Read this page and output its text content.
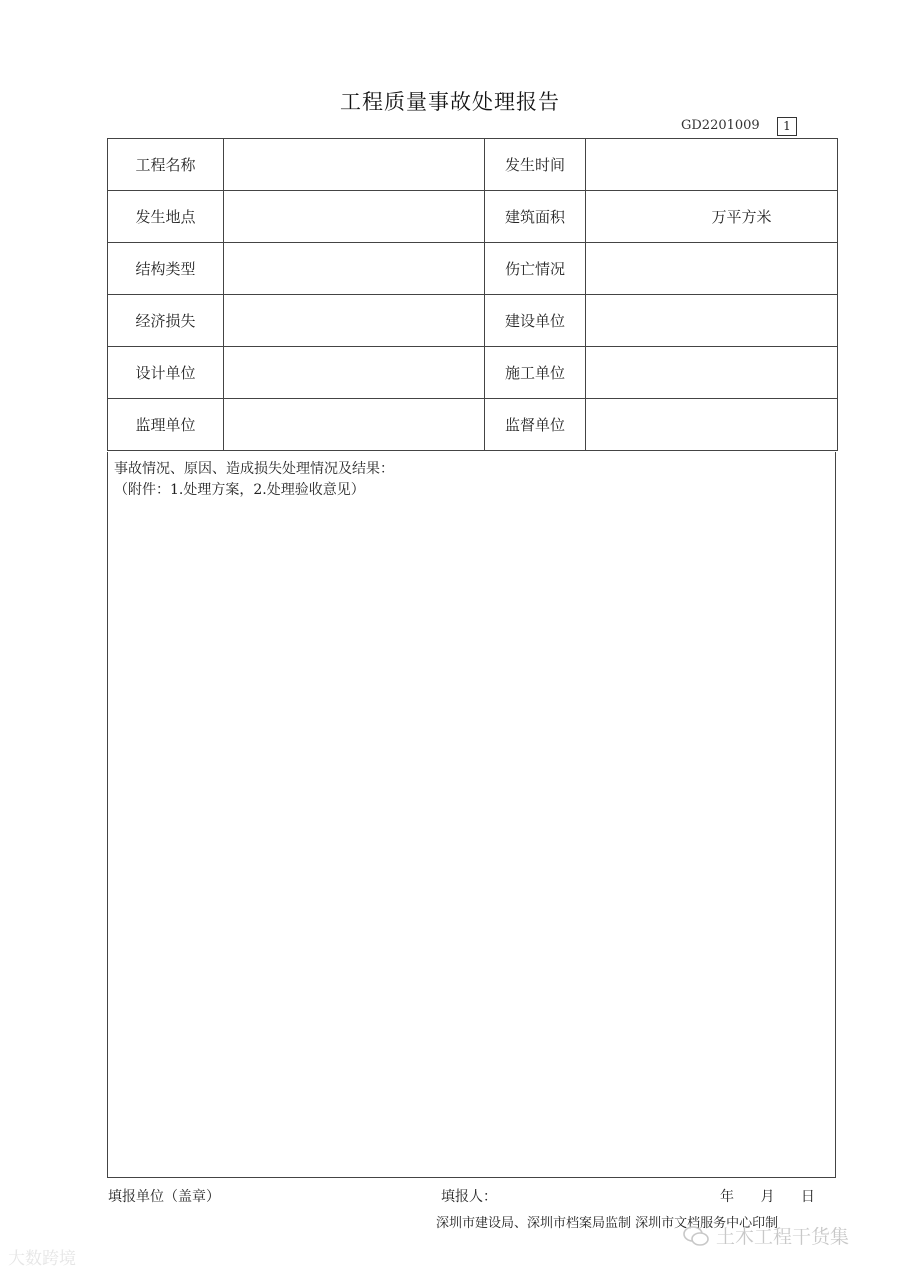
工程质量事故处理报告
GD2201009	1
工程名称		发生时间	
发生地点		建筑面积	万平方米
结构类型		伤亡情况	
经济损失		建设单位	
设计单位		施工单位	
监理单位		监督单位	
事故情况、原因、造成损失处理情况及结果：
（附件：1.处理方案，2.处理验收意见）
填报单位（盖章）	填报人：	年 月 日
深圳市建设局、深圳市档案局监制 深圳市文档服务中心印制
大数跨境
土木工程干货集
